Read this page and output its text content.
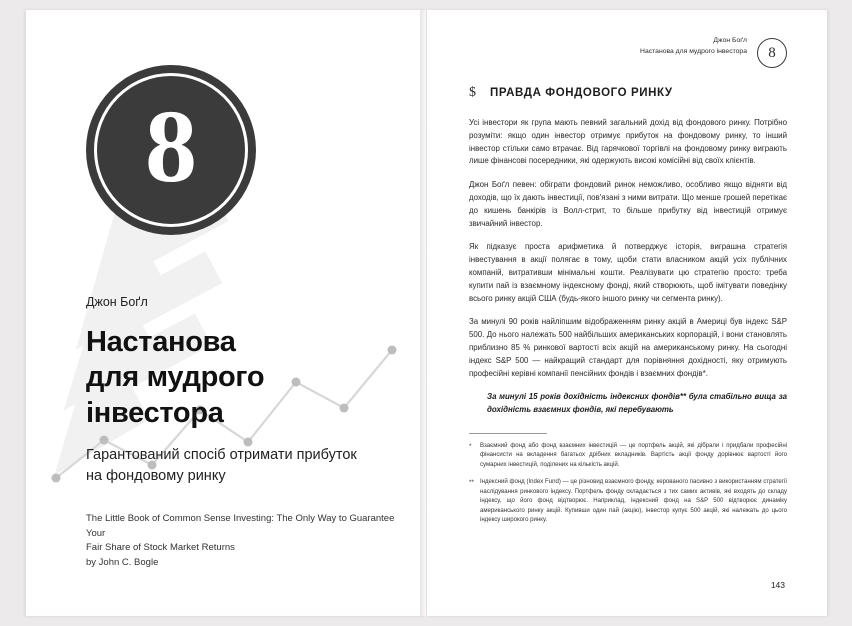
8
Джон Боґл
Настанова
для мудрого
інвестора
Гарантований спосіб отримати прибуток
на фондовому ринку
The Little Book of Common Sense Investing: The Only Way to Guarantee Your
Fair Share of Stock Market Returns
by John C. Bogle
Джон Боґл
Настанова для мудрого інвестора	8
$ ПРАВДА ФОНДОВОГО РИНКУ

Усі інвестори як група мають певний загальний дохід від фондового ринку. Потрібно розуміти: якщо один інвестор отримує прибуток на фондовому ринку, то інший інвестор стільки само втрачає. Від гарячкової торгівлі на фондовому ринку виграють лише фінансові посередники, які одержують високі комісійні від своїх клієнтів.

Джон Боґл певен: обіграти фондовий ринок неможливо, особливо якщо відняти від доходів, що їх дають інвестиції, пов'язані з ними витрати. Що менше грошей перетікає до кишень банкірів із Волл-стрит, то більше прибутку від інвестицій отримує звичайний інвестор.

Як підказує проста арифметика й потверджує історія, виграшна стратегія інвестування в акції полягає в тому, щоби стати власником акцій усіх публічних компаній, витративши мінімальні кошти. Реалізувати цю стратегію просто: треба купити пай із взаємному індексному фонді, який створюють, щоб імітувати поведінку всього ринку акцій США (будь-якого іншого ринку чи сегмента ринку).

За минулі 90 років найліпшим відображенням ринку акцій в Америці був індекс S&P 500. До нього належать 500 найбільших американських корпорацій, і вони становлять приблизно 85 % ринкової вартості всіх акцій на американському ринку. На сьогодні індекс S&P 500 — найкращий стандарт для порівняння дохідності, яку отримують професійні керівні компанії пенсійних фондів і взаємних фондів*.

За минулі 15 років дохідність індексних фондів** була стабільно вища за дохідність взаємних фондів, які перебувають
*	Взаємний фонд або фонд взаємних інвестицій — це портфель акцій, які дібрали і придбали професійні фінансисти на вкладення багатьох дрібних вкладників. Вартість акції фонду дорівнює вартості його сумарних інвестицій, поділених на кількість акцій.
** Індексний фонд (Index Fund) — це різновид взаємного фонду, керованого пасивно з використанням стратегії наслідування ринкового індексу. Портфель фонду складається з тих самих активів, які входять до складу індексу, що його фонд відтворює. Наприклад, індексний фонд на S&P 500 відтворює динаміку американського ринку акцій. Купивши один пай (акцію), інвестор купує 500 акцій, які належать до цього індексу широкого ринку.
143
